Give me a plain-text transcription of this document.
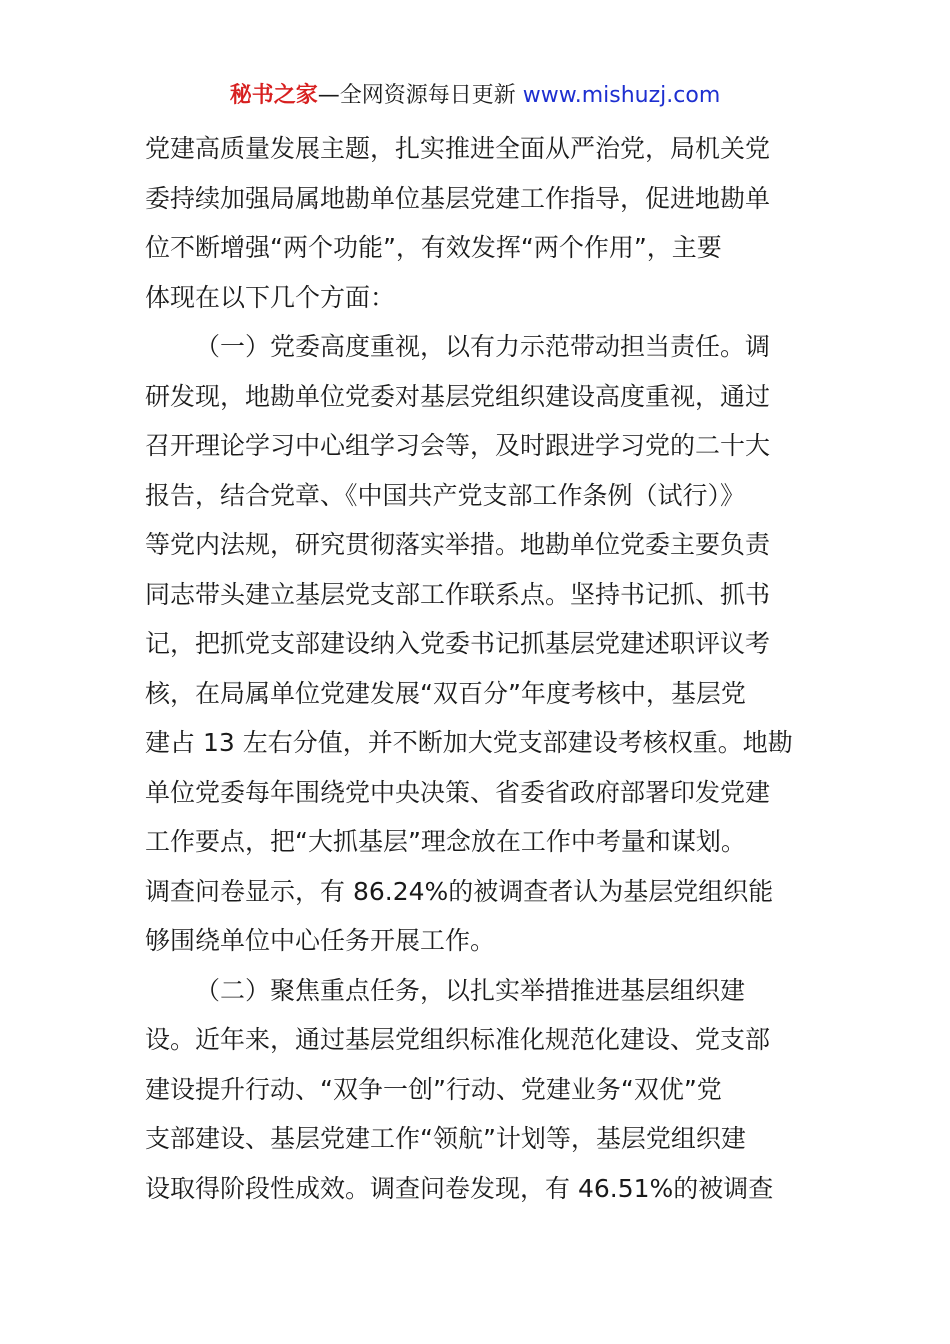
秘书之家—全网资源每日更新 www.mishuzj.com
党建高质量发展主题，扎实推进全面从严治党，局机关党
委持续加强局属地勘单位基层党建工作指导，促进地勘单
位不断增强“两个功能”，有效发挥“两个作用”，主要
体现在以下几个方面：
（一）党委高度重视，以有力示范带动担当责任。调
研发现，地勘单位党委对基层党组织建设高度重视，通过
召开理论学习中心组学习会等，及时跟进学习党的二十大
报告，结合党章、《中国共产党支部工作条例（试行）》
等党内法规，研究贯彻落实举措。地勘单位党委主要负责
同志带头建立基层党支部工作联系点。坚持书记抓、抓书
记，把抓党支部建设纳入党委书记抓基层党建述职评议考
核，在局属单位党建发展“双百分”年度考核中，基层党
建占 13 左右分值，并不断加大党支部建设考核权重。地勘
单位党委每年围绕党中央决策、省委省政府部署印发党建
工作要点，把“大抓基层”理念放在工作中考量和谋划。
调查问卷显示，有 86.24%的被调查者认为基层党组织能
够围绕单位中心任务开展工作。
（二）聚焦重点任务，以扎实举措推进基层组织建
设。近年来，通过基层党组织标准化规范化建设、党支部
建设提升行动、“双争一创”行动、党建业务“双优”党
支部建设、基层党建工作“领航”计划等，基层党组织建
设取得阶段性成效。调查问卷发现，有 46.51%的被调查
